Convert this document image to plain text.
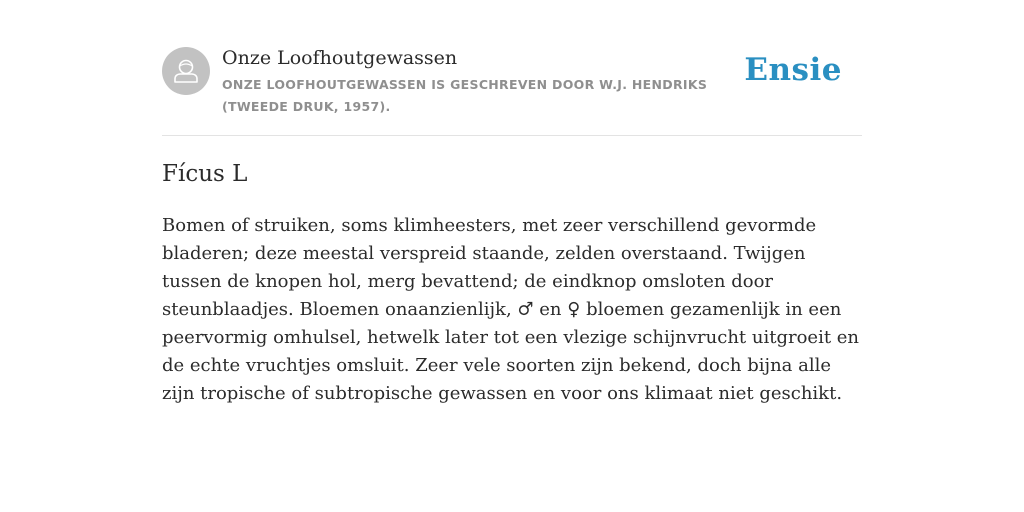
Onze Loofhoutgewassen

ONZE LOOFHOUTGEWASSEN IS GESCHREVEN DOOR W.J. HENDRIKS (TWEEDE DRUK, 1957).

Ensie
Fícus L

Bomen of struiken, soms klimheesters, met zeer verschillend gevormde bladeren; deze meestal verspreid staande, zelden overstaand. Twijgen tussen de knopen hol, merg bevattend; de eindknop omsloten door steunblaadjes. Bloemen onaanzienlijk, ♂ en ♀ bloemen gezamenlijk in een peervormig omhulsel, hetwelk later tot een vlezige schijnvrucht uitgroeit en de echte vruchtjes omsluit. Zeer vele soorten zijn bekend, doch bijna alle zijn tropische of subtropische gewassen en voor ons klimaat niet geschikt.
